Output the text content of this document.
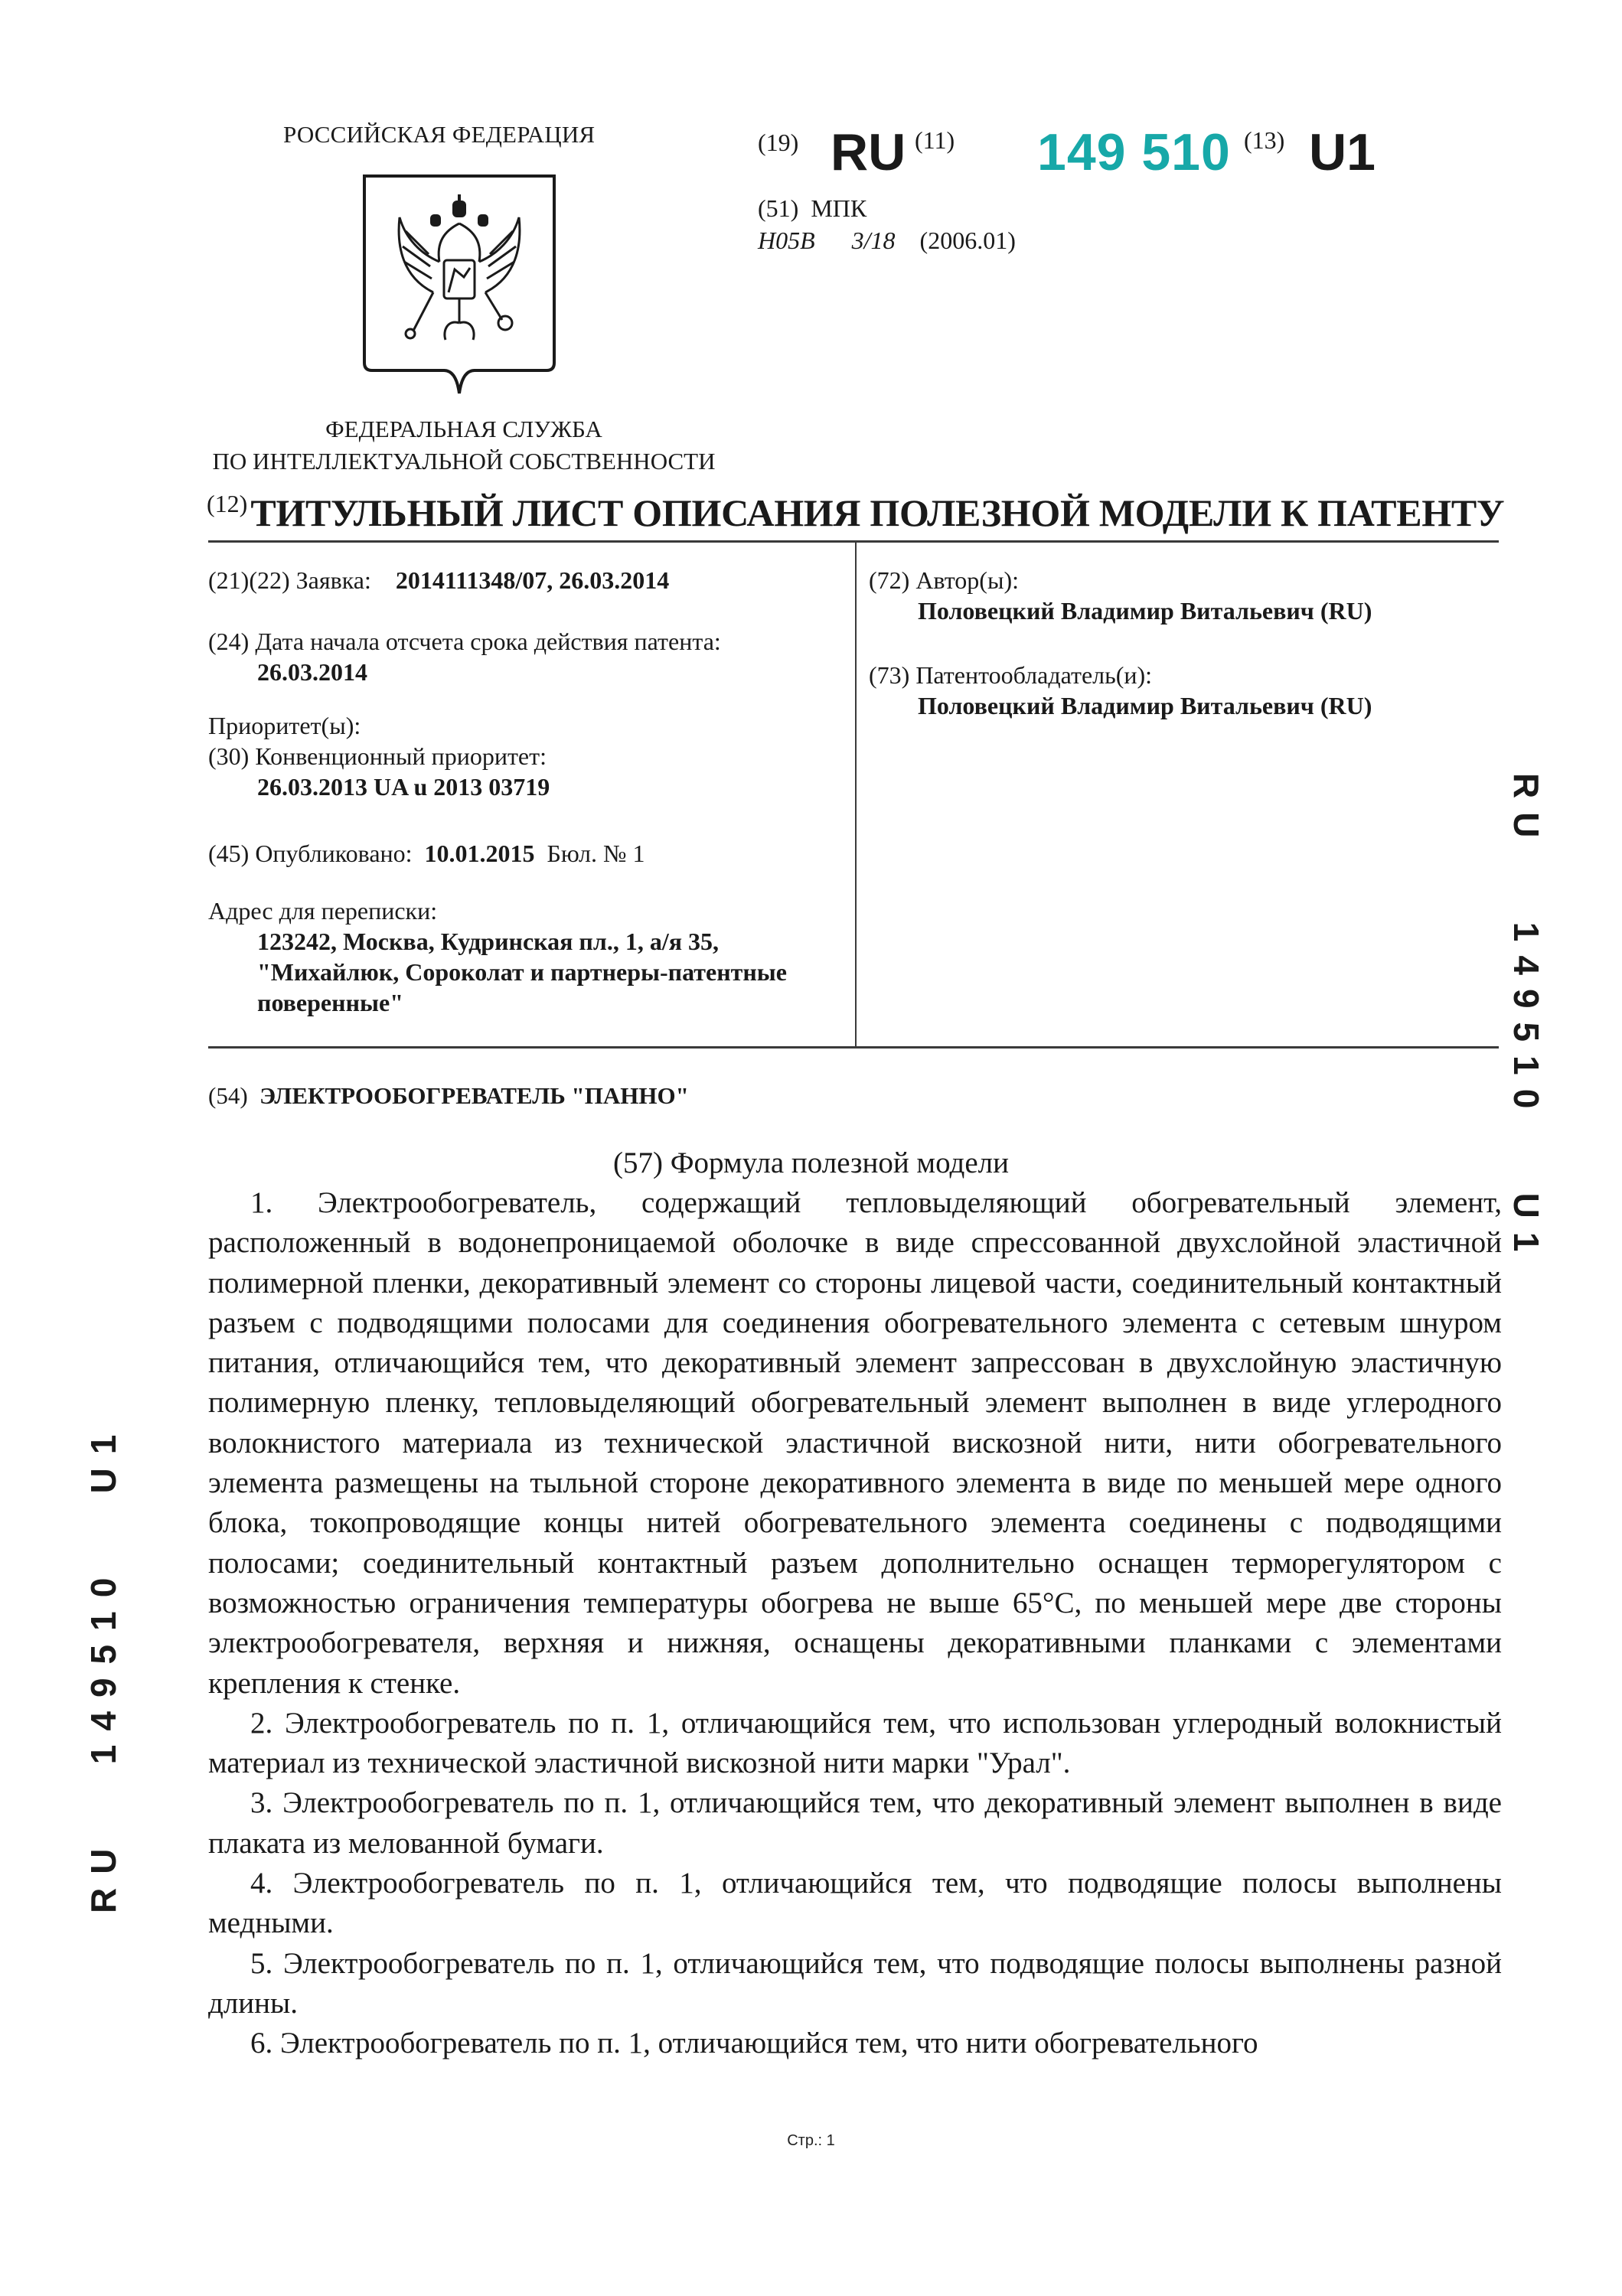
РОССИЙСКАЯ ФЕДЕРАЦИЯ
ФЕДЕРАЛЬНАЯ СЛУЖБА
ПО ИНТЕЛЛЕКТУАЛЬНОЙ СОБСТВЕННОСТИ
(19) RU (11) 149 510 (13) U1
(51) МПК
H05B 3/18 (2006.01)
(12) ТИТУЛЬНЫЙ ЛИСТ ОПИСАНИЯ ПОЛЕЗНОЙ МОДЕЛИ К ПАТЕНТУ
(21)(22) Заявка: 2014111348/07, 26.03.2014
(24) Дата начала отсчета срока действия патента:
26.03.2014
Приоритет(ы):
(30) Конвенционный приоритет:
26.03.2013 UA u 2013 03719
(45) Опубликовано: 10.01.2015 Бюл. № 1
Адрес для переписки:
123242, Москва, Кудринская пл., 1, а/я 35,
"Михайлюк, Сороколат и партнеры-патентные
поверенные"
(72) Автор(ы):
Половецкий Владимир Витальевич (RU)
(73) Патентообладатель(и):
Половецкий Владимир Витальевич (RU)
(54) ЭЛЕКТРООБОГРЕВАТЕЛЬ "ПАННО"
(57) Формула полезной модели

1. Электрообогреватель, содержащий тепловыделяющий обогревательный элемент, расположенный в водонепроницаемой оболочке в виде спрессованной двухслойной эластичной полимерной пленки, декоративный элемент со стороны лицевой части, соединительный контактный разъем с подводящими полосами для соединения обогревательного элемента с сетевым шнуром питания, отличающийся тем, что декоративный элемент запрессован в двухслойную эластичную полимерную пленку, тепловыделяющий обогревательный элемент выполнен в виде углеродного волокнистого материала из технической эластичной вискозной нити, нити обогревательного элемента размещены на тыльной стороне декоративного элемента в виде по меньшей мере одного блока, токопроводящие концы нитей обогревательного элемента соединены с подводящими полосами; соединительный контактный разъем дополнительно оснащен терморегулятором с возможностью ограничения температуры обогрева не выше 65°C, по меньшей мере две стороны электрообогревателя, верхняя и нижняя, оснащены декоративными планками с элементами крепления к стенке.

2. Электрообогреватель по п. 1, отличающийся тем, что использован углеродный волокнистый материал из технической эластичной вискозной нити марки "Урал".

3. Электрообогреватель по п. 1, отличающийся тем, что декоративный элемент выполнен в виде плаката из мелованной бумаги.

4. Электрообогреватель по п. 1, отличающийся тем, что подводящие полосы выполнены медными.

5. Электрообогреватель по п. 1, отличающийся тем, что подводящие полосы выполнены разной длины.

6. Электрообогреватель по п. 1, отличающийся тем, что нити обогревательного

RU   149510   U1
RU   149510   U1
Стр.: 1
